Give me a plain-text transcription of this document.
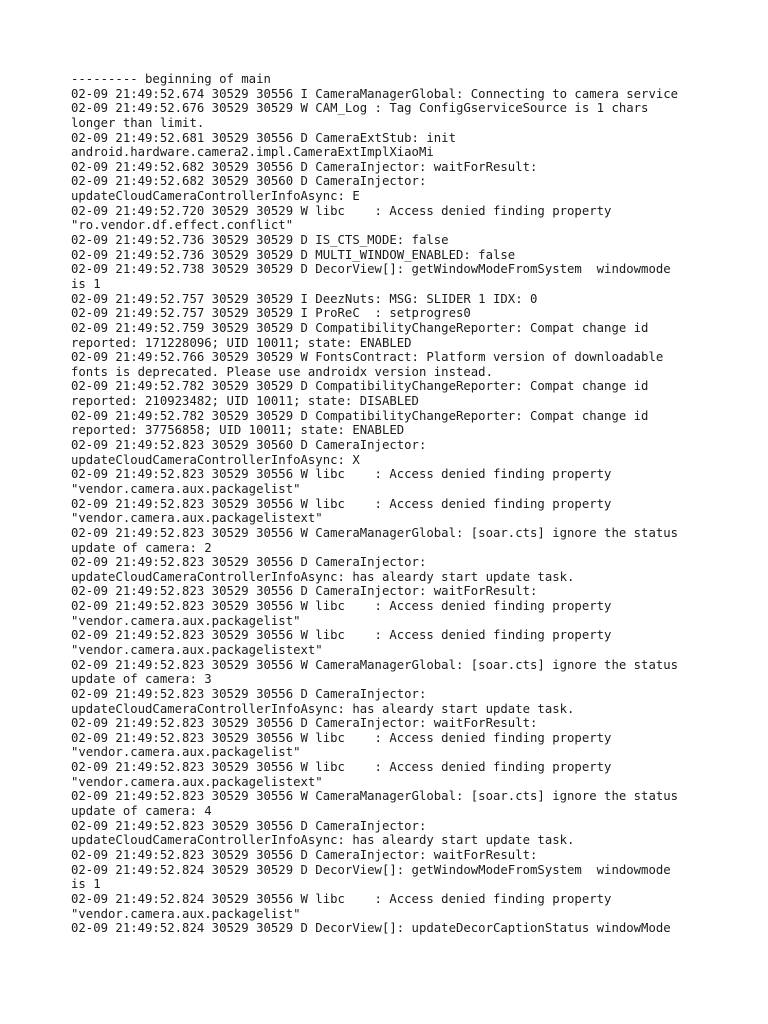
--------- beginning of main
02-09 21:49:52.674 30529 30556 I CameraManagerGlobal: Connecting to camera service
02-09 21:49:52.676 30529 30529 W CAM_Log : Tag ConfigGserviceSource is 1 chars
longer than limit.
02-09 21:49:52.681 30529 30556 D CameraExtStub: init
android.hardware.camera2.impl.CameraExtImplXiaoMi
02-09 21:49:52.682 30529 30556 D CameraInjector: waitForResult:
02-09 21:49:52.682 30529 30560 D CameraInjector:
updateCloudCameraControllerInfoAsync: E
02-09 21:49:52.720 30529 30529 W libc    : Access denied finding property
"ro.vendor.df.effect.conflict"
02-09 21:49:52.736 30529 30529 D IS_CTS_MODE: false
02-09 21:49:52.736 30529 30529 D MULTI_WINDOW_ENABLED: false
02-09 21:49:52.738 30529 30529 D DecorView[]: getWindowModeFromSystem  windowmode
is 1
02-09 21:49:52.757 30529 30529 I DeezNuts: MSG: SLIDER 1 IDX: 0
02-09 21:49:52.757 30529 30529 I ProReC  : setprogres0
02-09 21:49:52.759 30529 30529 D CompatibilityChangeReporter: Compat change id
reported: 171228096; UID 10011; state: ENABLED
02-09 21:49:52.766 30529 30529 W FontsContract: Platform version of downloadable
fonts is deprecated. Please use androidx version instead.
02-09 21:49:52.782 30529 30529 D CompatibilityChangeReporter: Compat change id
reported: 210923482; UID 10011; state: DISABLED
02-09 21:49:52.782 30529 30529 D CompatibilityChangeReporter: Compat change id
reported: 37756858; UID 10011; state: ENABLED
02-09 21:49:52.823 30529 30560 D CameraInjector:
updateCloudCameraControllerInfoAsync: X
02-09 21:49:52.823 30529 30556 W libc    : Access denied finding property
"vendor.camera.aux.packagelist"
02-09 21:49:52.823 30529 30556 W libc    : Access denied finding property
"vendor.camera.aux.packagelistext"
02-09 21:49:52.823 30529 30556 W CameraManagerGlobal: [soar.cts] ignore the status
update of camera: 2
02-09 21:49:52.823 30529 30556 D CameraInjector:
updateCloudCameraControllerInfoAsync: has aleardy start update task.
02-09 21:49:52.823 30529 30556 D CameraInjector: waitForResult:
02-09 21:49:52.823 30529 30556 W libc    : Access denied finding property
"vendor.camera.aux.packagelist"
02-09 21:49:52.823 30529 30556 W libc    : Access denied finding property
"vendor.camera.aux.packagelistext"
02-09 21:49:52.823 30529 30556 W CameraManagerGlobal: [soar.cts] ignore the status
update of camera: 3
02-09 21:49:52.823 30529 30556 D CameraInjector:
updateCloudCameraControllerInfoAsync: has aleardy start update task.
02-09 21:49:52.823 30529 30556 D CameraInjector: waitForResult:
02-09 21:49:52.823 30529 30556 W libc    : Access denied finding property
"vendor.camera.aux.packagelist"
02-09 21:49:52.823 30529 30556 W libc    : Access denied finding property
"vendor.camera.aux.packagelistext"
02-09 21:49:52.823 30529 30556 W CameraManagerGlobal: [soar.cts] ignore the status
update of camera: 4
02-09 21:49:52.823 30529 30556 D CameraInjector:
updateCloudCameraControllerInfoAsync: has aleardy start update task.
02-09 21:49:52.823 30529 30556 D CameraInjector: waitForResult:
02-09 21:49:52.824 30529 30529 D DecorView[]: getWindowModeFromSystem  windowmode
is 1
02-09 21:49:52.824 30529 30556 W libc    : Access denied finding property
"vendor.camera.aux.packagelist"
02-09 21:49:52.824 30529 30529 D DecorView[]: updateDecorCaptionStatus windowMode
